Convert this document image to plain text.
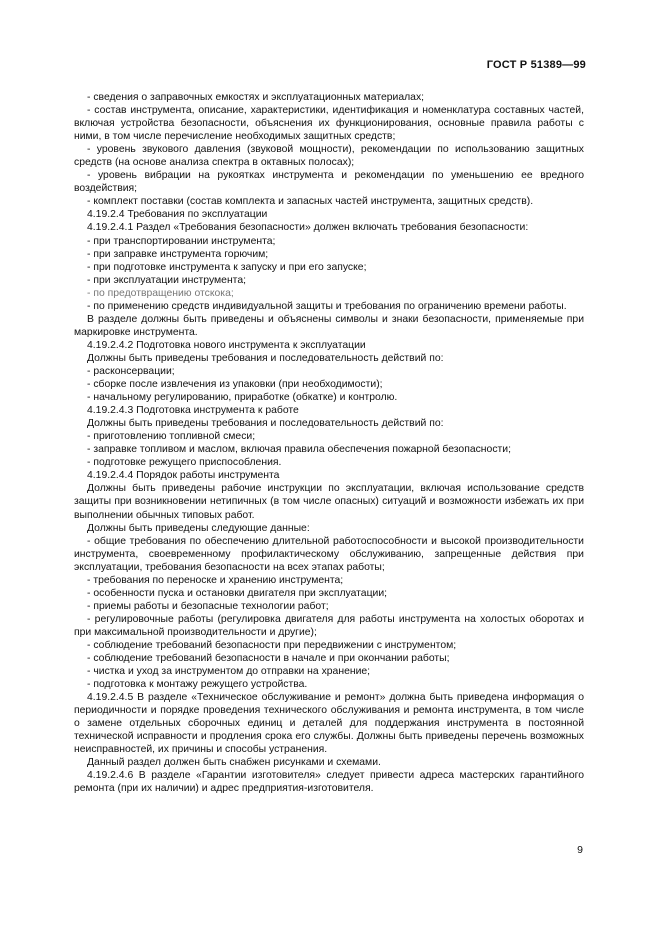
ГОСТ Р 51389—99

- сведения о заправочных емкостях и эксплуатационных материалах;

- состав инструмента, описание, характеристики, идентификация и номенклатура составных частей, включая устройства безопасности, объяснения их функционирования, основные правила работы с ними, в том числе перечисление необходимых защитных средств;

- уровень звукового давления (звуковой мощности), рекомендации по использованию защитных средств (на основе анализа спектра в октавных полосах);

- уровень вибрации на рукоятках инструмента и рекомендации по уменьшению ее вредного воздействия;

- комплект поставки (состав комплекта и запасных частей инструмента, защитных средств).

4.19.2.4 Требования по эксплуатации

4.19.2.4.1 Раздел «Требования безопасности» должен включать требования безопасности:

- при транспортировании инструмента;

- при заправке инструмента горючим;

- при подготовке инструмента к запуску и при его запуске;

- при эксплуатации инструмента;

- по предотвращению отскока;

- по применению средств индивидуальной защиты и требования по ограничению времени работы.

В разделе должны быть приведены и объяснены символы и знаки безопасности, применяемые при маркировке инструмента.

4.19.2.4.2 Подготовка нового инструмента к эксплуатации

Должны быть приведены требования и последовательность действий по:

- расконсервации;

- сборке после извлечения из упаковки (при необходимости);

- начальному регулированию, приработке (обкатке) и контролю.

4.19.2.4.3 Подготовка инструмента к работе

Должны быть приведены требования и последовательность действий по:

- приготовлению топливной смеси;

- заправке топливом и маслом, включая правила обеспечения пожарной безопасности;

- подготовке режущего приспособления.

4.19.2.4.4 Порядок работы инструмента

Должны быть приведены рабочие инструкции по эксплуатации, включая использование средств защиты при возникновении нетипичных (в том числе опасных) ситуаций и возможности избежать их при выполнении обычных типовых работ.

Должны быть приведены следующие данные:

- общие требования по обеспечению длительной работоспособности и высокой производительности инструмента, своевременному профилактическому обслуживанию, запрещенные действия при эксплуатации, требования безопасности на всех этапах работы;

- требования по переноске и хранению инструмента;

- особенности пуска и остановки двигателя при эксплуатации;

- приемы работы и безопасные технологии работ;

- регулировочные работы (регулировка двигателя для работы инструмента на холостых оборотах и при максимальной производительности и другие);

- соблюдение требований безопасности при передвижении с инструментом;

- соблюдение требований безопасности в начале и при окончании работы;

- чистка и уход за инструментом до отправки на хранение;

- подготовка к монтажу режущего устройства.

4.19.2.4.5 В разделе «Техническое обслуживание и ремонт» должна быть приведена информация о периодичности и порядке проведения технического обслуживания и ремонта инструмента, в том числе о замене отдельных сборочных единиц и деталей для поддержания инструмента в постоянной технической исправности и продления срока его службы. Должны быть приведены перечень возможных неисправностей, их причины и способы устранения.

Данный раздел должен быть снабжен рисунками и схемами.

4.19.2.4.6 В разделе «Гарантии изготовителя» следует привести адреса мастерских гарантийного ремонта (при их наличии) и адрес предприятия-изготовителя.

9
